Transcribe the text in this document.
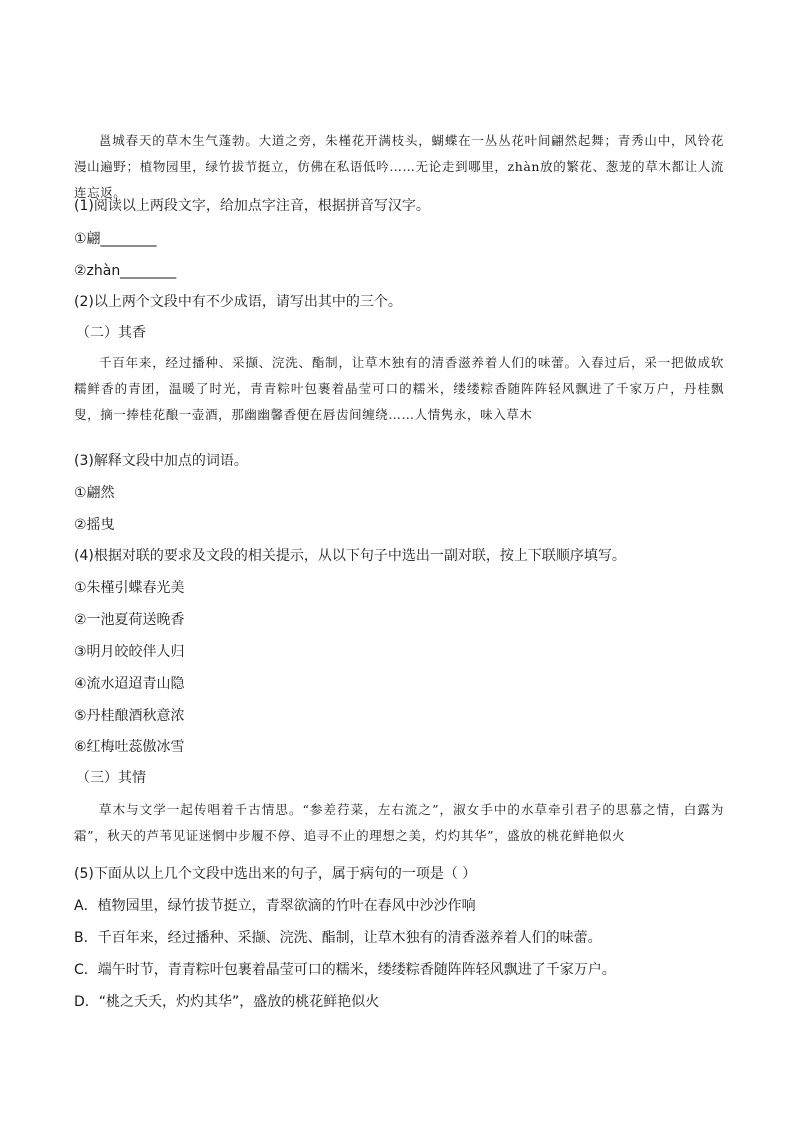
邕城春天的草木生气蓬勃。大道之旁，朱槿花开满枝头，蝴蝶在一丛丛花叶间翩然起舞；青秀山中，风铃花漫山遍野；植物园里，绿竹拔节挺立，仿佛在私语低吟……无论走到哪里，zhàn放的繁花、葱茏的草木都让人流连忘返。
(1)阅读以上两段文字，给加点字注音，根据拼音写汉字。
①翩________
②zhàn________
(2)以上两个文段中有不少成语，请写出其中的三个。
（二）其香
千百年来，经过播种、采撷、浣洗、酯制，让草木独有的清香滋养着人们的味蕾。入春过后，采一把做成软糯鲜香的青团，温暖了时光，青青粽叶包裹着晶莹可口的糯米，缕缕粽香随阵阵轻风飘进了千家万户，丹桂飘叟，摘一捧桂花酿一壶酒，那幽幽馨香便在唇齿间缠绕……人情隽永，味入草木
(3)解释文段中加点的词语。
①翩然
②摇曳
(4)根据对联的要求及文段的相关提示，从以下句子中选出一副对联，按上下联顺序填写。
①朱槿引蝶春光美
②一池夏荷送晚香
③明月皎皎伴人归
④流水迢迢青山隐
⑤丹桂酿酒秋意浓
⑥红梅吐蕊傲冰雪
（三）其情
草木与文学一起传唱着千古情思。“参差荇菜，左右流之”，淑女手中的水草牵引君子的思慕之情，白露为霜”，秋天的芦苇见证迷惘中步履不停、追寻不止的理想之美，灼灼其华”，盛放的桃花鲜艳似火
(5)下面从以上几个文段中选出来的句子，属于病句的一项是（ ）
A．植物园里，绿竹拔节挺立，青翠欲滴的竹叶在春风中沙沙作响
B．千百年来，经过播种、采撷、浣洗、酯制，让草木独有的清香滋养着人们的味蕾。
C．端午时节，青青粽叶包裹着晶莹可口的糯米，缕缕粽香随阵阵轻风飘进了千家万户。
D．“桃之夭夭，灼灼其华”，盛放的桃花鲜艳似火
